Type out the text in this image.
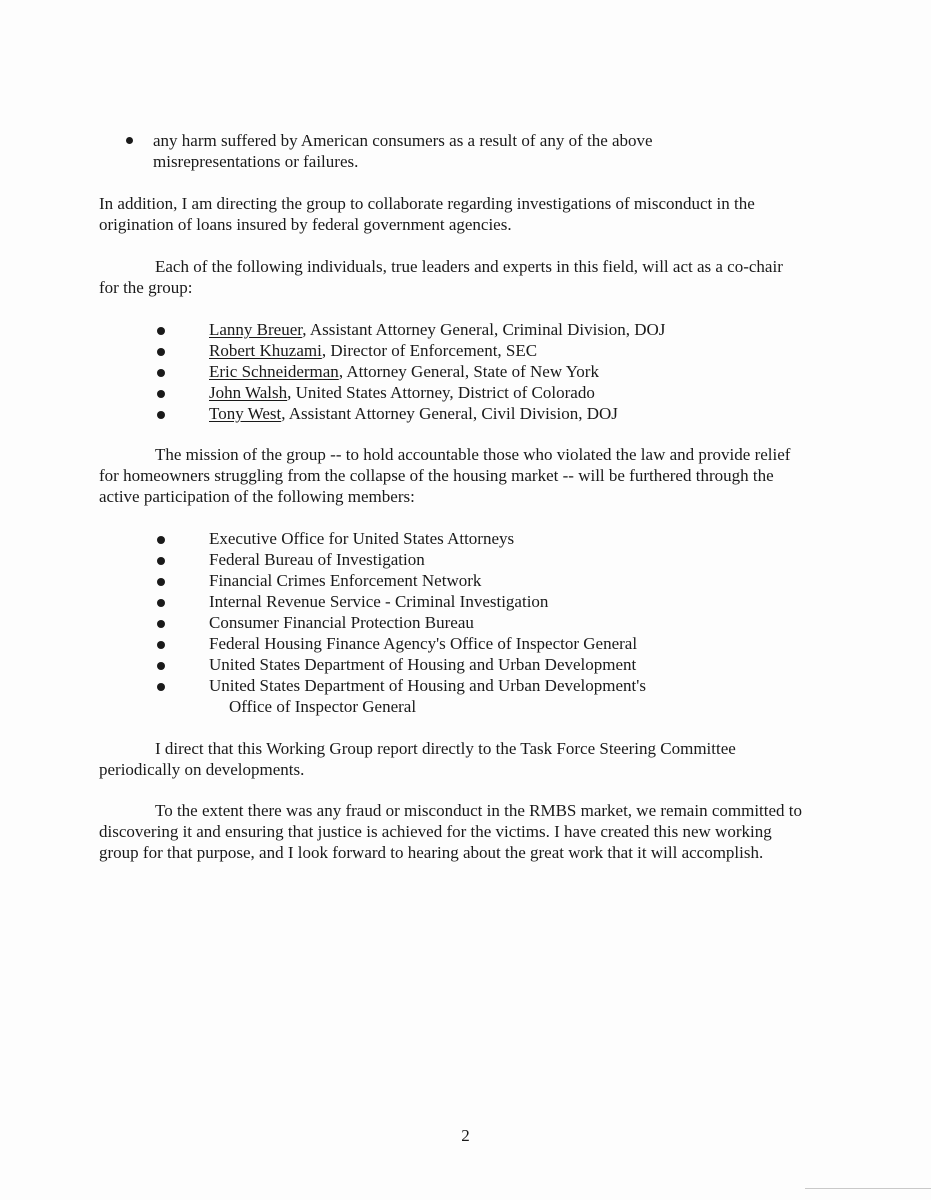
any harm suffered by American consumers as a result of any of the above

misrepresentations or failures.

In addition, I am directing the group to collaborate regarding investigations of misconduct in the origination of loans insured by federal government agencies.

Each of the following individuals, true leaders and experts in this field, will act as a co-chair for the group:

Lanny Breuer, Assistant Attorney General, Criminal Division, DOJ
Robert Khuzami, Director of Enforcement, SEC
Eric Schneiderman, Attorney General, State of New York
John Walsh, United States Attorney, District of Colorado
Tony West, Assistant Attorney General, Civil Division, DOJ

The mission of the group -- to hold accountable those who violated the law and provide relief for homeowners struggling from the collapse of the housing market -- will be furthered through the active participation of the following members:

Executive Office for United States Attorneys
Federal Bureau of Investigation
Financial Crimes Enforcement Network
Internal Revenue Service - Criminal Investigation
Consumer Financial Protection Bureau
Federal Housing Finance Agency's Office of Inspector General
United States Department of Housing and Urban Development
United States Department of Housing and Urban Development's
Office of Inspector General

I direct that this Working Group report directly to the Task Force Steering Committee periodically on developments.

To the extent there was any fraud or misconduct in the RMBS market, we remain committed to discovering it and ensuring that justice is achieved for the victims. I have created this new working group for that purpose, and I look forward to hearing about the great work that it will accomplish.

2
